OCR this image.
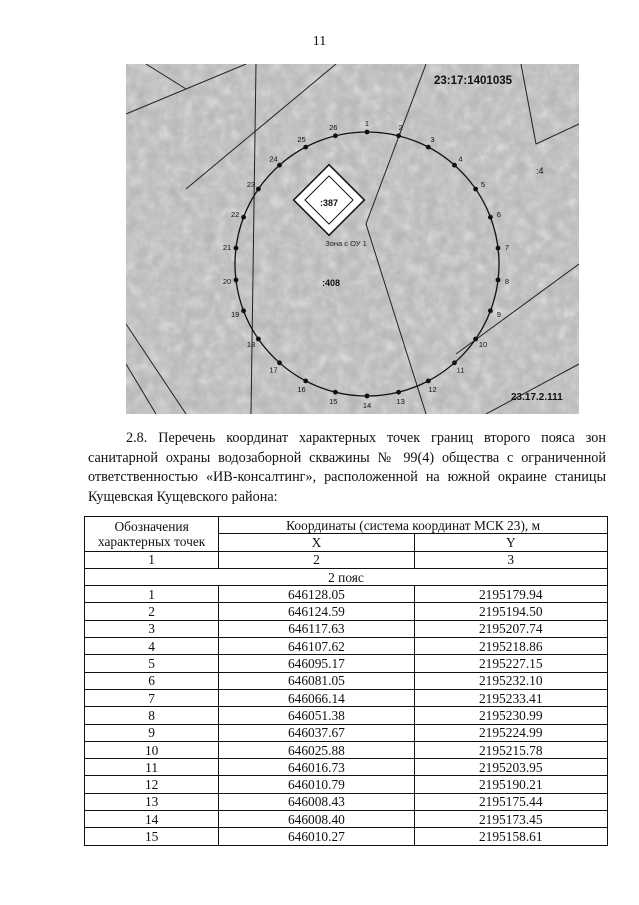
11
:387
:408
:4
Зона с ОУ 1
23:17:1401035
23.17.2.111
1	2
3
4
5
6
7
8
9
10
11
12
13
14
15
16
17
18
19
20
21
22
23
24
25
26

2.8. Перечень координат характерных точек границ второго пояса зон санитарной охраны водозаборной скважины № 99(4) общества с ограниченной ответственностью «ИВ-консалтинг», расположенной на южной окраине станицы Кущевская Кущевского района:

Обозначения характерных точек	Координаты (система координат МСК 23), м	
	X	Y
1	2	3
2 пояс		
1	646128.05	2195179.94
2	646124.59	2195194.50
3	646117.63	2195207.74
4	646107.62	2195218.86
5	646095.17	2195227.15
6	646081.05	2195232.10
7	646066.14	2195233.41
8	646051.38	2195230.99
9	646037.67	2195224.99
10	646025.88	2195215.78
11	646016.73	2195203.95
12	646010.79	2195190.21
13	646008.43	2195175.44
14	646008.40	2195173.45
15	646010.27	2195158.61
